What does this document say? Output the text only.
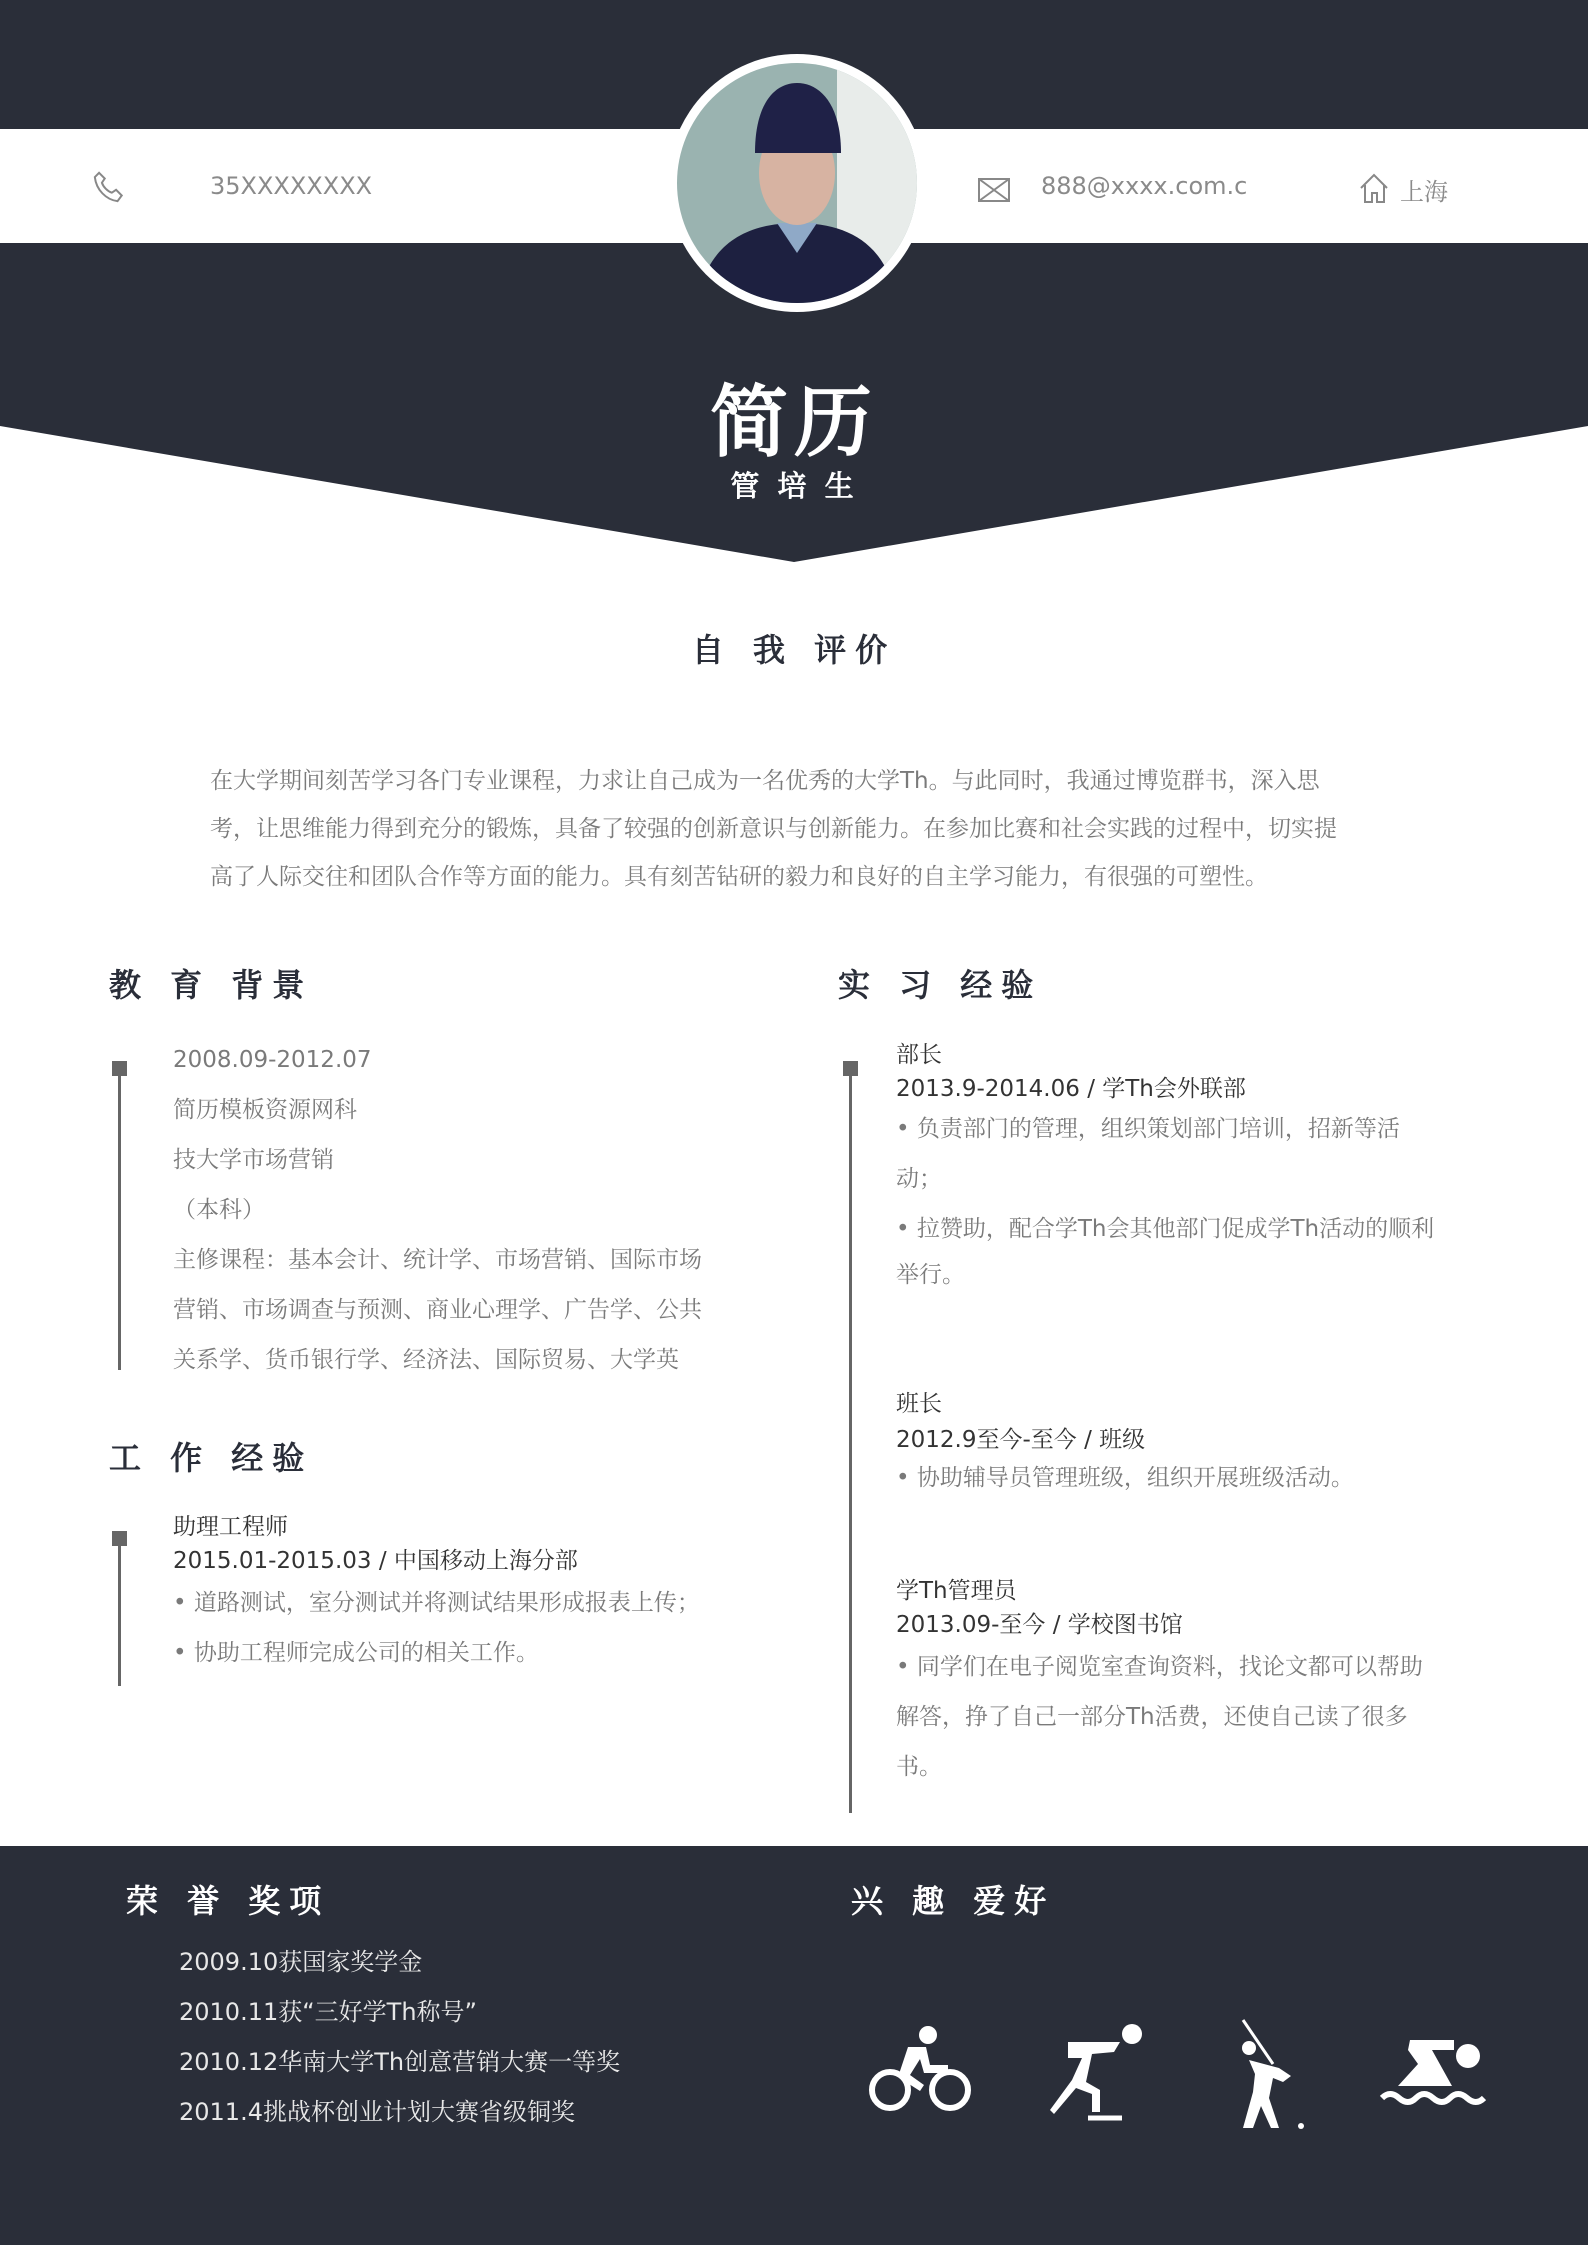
35XXXXXXXX	888@xxxx.com.c	上海
简历
管 培 生
自 我 评价
在大学期间刻苦学习各门专业课程，力求让自己成为一名优秀的大学Th。与此同时，我通过博览群书，深入思
考，让思维能力得到充分的锻炼，具备了较强的创新意识与创新能力。在参加比赛和社会实践的过程中，切实提
高了人际交往和团队合作等方面的能力。具有刻苦钻研的毅力和良好的自主学习能力，有很强的可塑性。
教 育 背景
2008.09-2012.07
简历模板资源网科
技大学市场营销
（本科）
主修课程：基本会计、统计学、市场营销、国际市场
营销、市场调查与预测、商业心理学、广告学、公共
关系学、货币银行学、经济法、国际贸易、大学英
工 作 经验
助理工程师
2015.01-2015.03 / 中国移动上海分部
• 道路测试，室分测试并将测试结果形成报表上传；
• 协助工程师完成公司的相关工作。
实 习 经验
部长
2013.9-2014.06 / 学Th会外联部
• 负责部门的管理，组织策划部门培训，招新等活
动；
• 拉赞助，配合学Th会其他部门促成学Th活动的顺利
举行。
班长
2012.9至今-至今 / 班级
• 协助辅导员管理班级，组织开展班级活动。
学Th管理员
2013.09-至今 / 学校图书馆
• 同学们在电子阅览室查询资料，找论文都可以帮助
解答，挣了自己一部分Th活费，还使自己读了很多
书。
荣 誉 奖项
2009.10获国家奖学金
2010.11获“三好学Th称号”
2010.12华南大学Th创意营销大赛一等奖
2011.4挑战杯创业计划大赛省级铜奖
兴 趣 爱好
